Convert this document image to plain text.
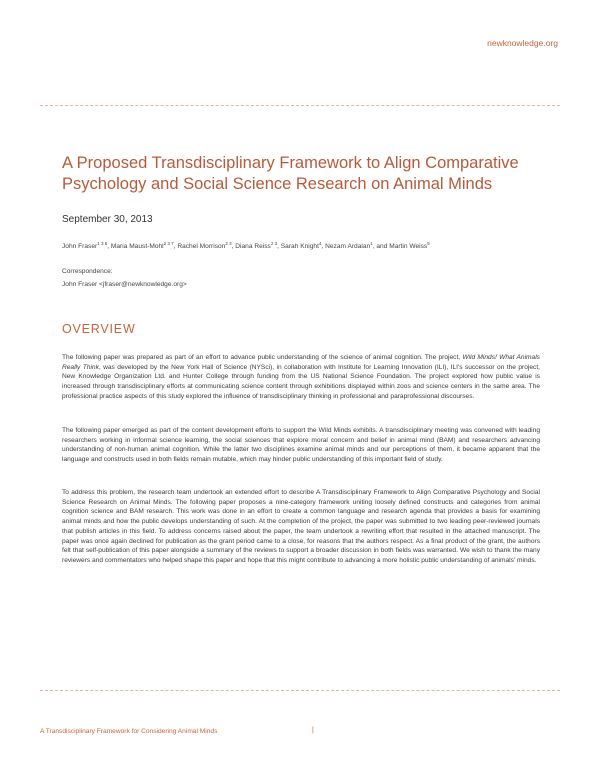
newknowledge.org
A Proposed Transdisciplinary Framework to Align Comparative Psychology and Social Science Research on Animal Minds
September 30, 2013
John Fraser$^{1 3 6}$, Maria Maust-Mohl$^{2 3 7}$, Rachel Morrison$^{2 3}$, Diana Reiss$^{2 3}$, Sarah Knight$^4$, Nezam Ardalan$^1$, and Martin Weiss$^5$
Correspondence:
John Fraser <jfraser@newknowledge.org>
OVERVIEW

The following paper was prepared as part of an effort to advance public understanding of the science of animal cognition. The project, Wild Minds! What Animals Really Think, was developed by the New York Hall of Science (NYSci), in collaboration with Institute for Learning Innovation (ILI), ILI's successor on the project, New Knowledge Organization Ltd. and Hunter College through funding from the US National Science Foundation. The project explored how public value is increased through transdisciplinary efforts at communicating science content through exhibitions displayed within zoos and science centers in the same area. The professional practice aspects of this study explored the influence of transdisciplinary thinking in professional and paraprofessional discourses.

The following paper emerged as part of the content development efforts to support the Wild Minds exhibits. A transdisciplinary meeting was convened with leading researchers working in informal science learning, the social sciences that explore moral concern and belief in animal mind (BAM) and researchers advancing understanding of non-human animal cognition. While the latter two disciplines examine animal minds and our perceptions of them, it became apparent that the language and constructs used in both fields remain mutable, which may hinder public understanding of this important field of study.

To address this problem, the research team undertook an extended effort to describe A Transdisciplinary Framework to Align Comparative Psychology and Social Science Research on Animal Minds. The following paper proposes a nine-category framework uniting loosely defined constructs and categories from animal cognition science and BAM research. This work was done in an effort to create a common language and research agenda that provides a basis for examining animal minds and how the public develops understanding of such. At the completion of the project, the paper was submitted to two leading peer-reviewed journals that publish articles in this field. To address concerns raised about the paper, the team undertook a rewriting effort that resulted in the attached manuscript. The paper was once again declined for publication as the grant period came to a close, for reasons that the authors respect. As a final product of the grant, the authors felt that self-publication of this paper alongside a summary of the reviews to support a broader discussion in both fields was warranted. We wish to thank the many reviewers and commentators who helped shape this paper and hope that this might contribute to advancing a more holistic public understanding of animals' minds.

A Transdisciplinary Framework for Considering Animal Minds	|
